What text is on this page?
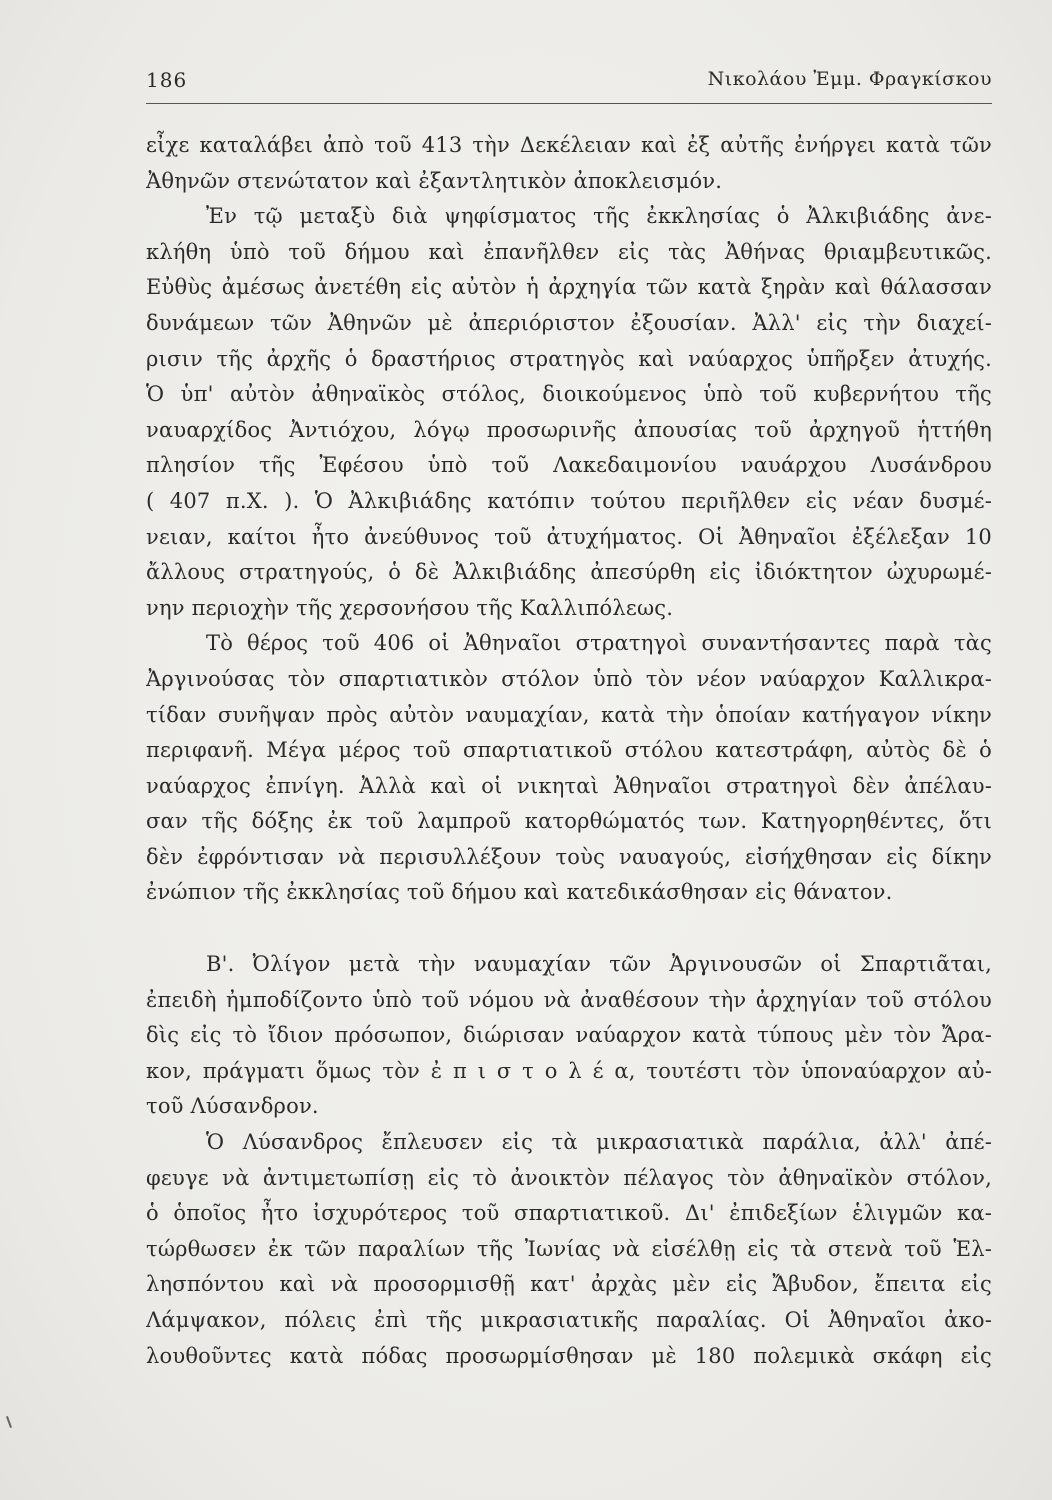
186	Νικολάου Ἐμμ. Φραγκίσκου
εἶχε καταλάβει ἀπὸ τοῦ 413 τὴν Δεκέλειαν καὶ ἐξ αὐτῆς ἐνήργει κατὰ τῶν
Ἀθηνῶν στενώτατον καὶ ἐξαντλητικὸν ἀποκλεισμόν.
Ἐν τῷ μεταξὺ διὰ ψηφίσματος τῆς ἐκκλησίας ὁ Ἀλκιβιάδης ἀνε-
κλήθη ὑπὸ τοῦ δήμου καὶ ἐπανῆλθεν εἰς τὰς Ἀθήνας θριαμβευτικῶς.
Εὐθὺς ἀμέσως ἀνετέθη εἰς αὐτὸν ἡ ἀρχηγία τῶν κατὰ ξηρὰν καὶ θάλασσαν
δυνάμεων τῶν Ἀθηνῶν μὲ ἀπεριόριστον ἐξουσίαν. Ἀλλ' εἰς τὴν διαχεί-
ρισιν τῆς ἀρχῆς ὁ δραστήριος στρατηγὸς καὶ ναύαρχος ὑπῆρξεν ἀτυχής.
Ὁ ὑπ' αὐτὸν ἀθηναϊκὸς στόλος, διοικούμενος ὑπὸ τοῦ κυβερνήτου τῆς
ναυαρχίδος Ἀντιόχου, λόγῳ προσωρινῆς ἀπουσίας τοῦ ἀρχηγοῦ ἡττήθη
πλησίον τῆς Ἐφέσου ὑπὸ τοῦ Λακεδαιμονίου ναυάρχου Λυσάνδρου
( 407 π.Χ. ). Ὁ Ἀλκιβιάδης κατόπιν τούτου περιῆλθεν εἰς νέαν δυσμέ-
νειαν, καίτοι ἦτο ἀνεύθυνος τοῦ ἀτυχήματος. Οἱ Ἀθηναῖοι ἐξέλεξαν 10
ἄλλους στρατηγούς, ὁ δὲ Ἀλκιβιάδης ἀπεσύρθη εἰς ἰδιόκτητον ὠχυρωμέ-
νην περιοχὴν τῆς χερσονήσου τῆς Καλλιπόλεως.
Τὸ θέρος τοῦ 406 οἱ Ἀθηναῖοι στρατηγοὶ συναντήσαντες παρὰ τὰς
Ἀργινούσας τὸν σπαρτιατικὸν στόλον ὑπὸ τὸν νέον ναύαρχον Καλλικρα-
τίδαν συνῆψαν πρὸς αὐτὸν ναυμαχίαν, κατὰ τὴν ὁποίαν κατήγαγον νίκην
περιφανῆ. Μέγα μέρος τοῦ σπαρτιατικοῦ στόλου κατεστράφη, αὐτὸς δὲ ὁ
ναύαρχος ἐπνίγη. Ἀλλὰ καὶ οἱ νικηταὶ Ἀθηναῖοι στρατηγοὶ δὲν ἀπέλαυ-
σαν τῆς δόξης ἐκ τοῦ λαμπροῦ κατορθώματός των. Κατηγορηθέντες, ὅτι
δὲν ἐφρόντισαν νὰ περισυλλέξουν τοὺς ναυαγούς, εἰσήχθησαν εἰς δίκην
ἐνώπιον τῆς ἐκκλησίας τοῦ δήμου καὶ κατεδικάσθησαν εἰς θάνατον.
Β'. Ὀλίγον μετὰ τὴν ναυμαχίαν τῶν Ἀργινουσῶν οἱ Σπαρτιᾶται,
ἐπειδὴ ἠμποδίζοντο ὑπὸ τοῦ νόμου νὰ ἀναθέσουν τὴν ἀρχηγίαν τοῦ στόλου
δὶς εἰς τὸ ἴδιον πρόσωπον, διώρισαν ναύαρχον κατὰ τύπους μὲν τὸν Ἄρα-
κον, πράγματι ὅμως τὸν ἐ π ι σ τ ο λ έ α, τουτέστι τὸν ὑποναύαρχον αὐ-
τοῦ Λύσανδρον.
Ὁ Λύσανδρος ἔπλευσεν εἰς τὰ μικρασιατικὰ παράλια, ἀλλ' ἀπέ-
φευγε νὰ ἀντιμετωπίσῃ εἰς τὸ ἀνοικτὸν πέλαγος τὸν ἀθηναϊκὸν στόλον,
ὁ ὁποῖος ἦτο ἰσχυρότερος τοῦ σπαρτιατικοῦ. Δι' ἐπιδεξίων ἑλιγμῶν κα-
τώρθωσεν ἐκ τῶν παραλίων τῆς Ἰωνίας νὰ εἰσέλθῃ εἰς τὰ στενὰ τοῦ Ἑλ-
λησπόντου καὶ νὰ προσορμισθῇ κατ' ἀρχὰς μὲν εἰς Ἄβυδον, ἔπειτα εἰς
Λάμψακον, πόλεις ἐπὶ τῆς μικρασιατικῆς παραλίας. Οἱ Ἀθηναῖοι ἀκο-
λουθοῦντες κατὰ πόδας προσωρμίσθησαν μὲ 180 πολεμικὰ σκάφη εἰς
